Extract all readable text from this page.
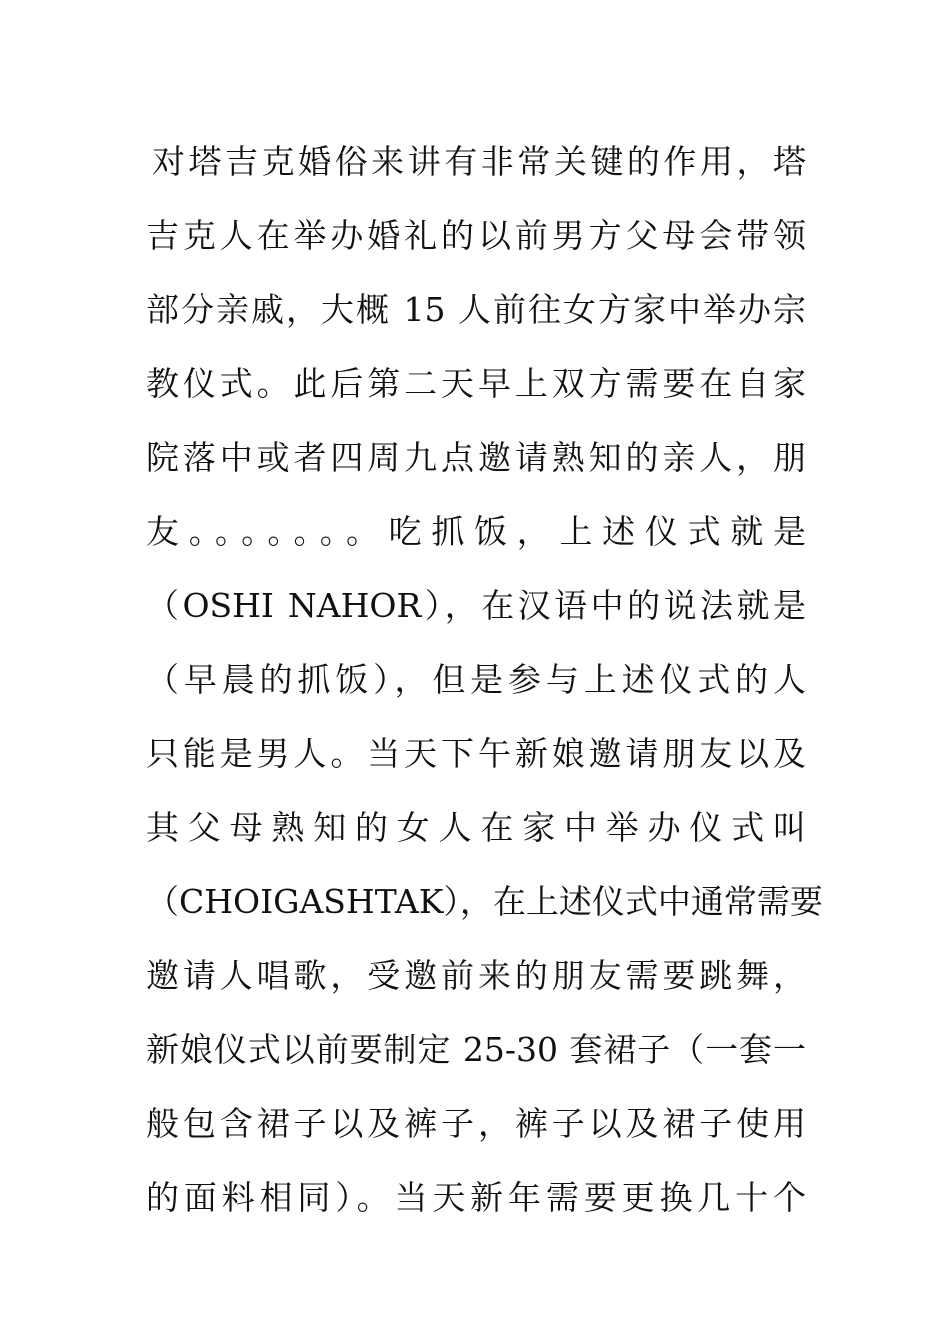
对塔吉克婚俗来讲有非常关键的作用，塔
吉克人在举办婚礼的以前男方父母会带领
部分亲戚，大概 15 人前往女方家中举办宗
教仪式。此后第二天早上双方需要在自家
院落中或者四周九点邀请熟知的亲人，朋
友。。。。。。。吃抓饭，上述仪式就是
（OSHI NAHOR），在汉语中的说法就是
（早晨的抓饭），但是参与上述仪式的人
只能是男人。当天下午新娘邀请朋友以及
其父母熟知的女人在家中举办仪式叫
（CHOIGASHTAK），在上述仪式中通常需要
邀请人唱歌，受邀前来的朋友需要跳舞，
新娘仪式以前要制定 25-30 套裙子（一套一
般包含裙子以及裤子，裤子以及裙子使用
的面料相同）。当天新年需要更换几十个
